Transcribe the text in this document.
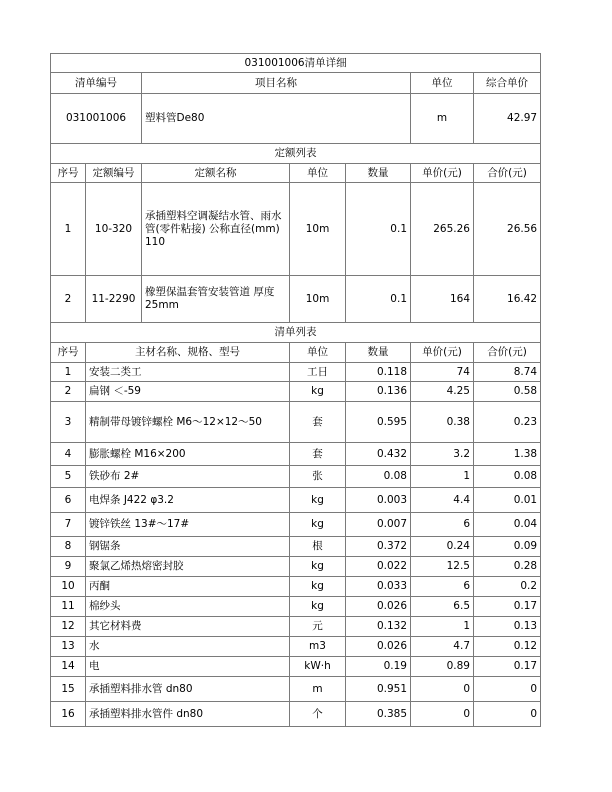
031001006清单详细						
清单编号		项目名称			单位	综合单价
031001006		塑料管De80			m	42.97
定额列表						
序号	定额编号	定额名称	单位	数量	单价(元)	合价(元)
1	10-320	承插塑料空调凝结水管、雨水管(零件粘接) 公称直径(mm) 110	10m	0.1	265.26	26.56
2	11-2290	橡塑保温套管安装管道 厚度25mm	10m	0.1	164	16.42
清单列表						
序号	主材名称、规格、型号		单位	数量	单价(元)	合价(元)
1	安装二类工		工日	0.118	74	8.74
2	扁钢 ＜-59		kg	0.136	4.25	0.58
3	精制带母镀锌螺栓 M6～12×12～50		套	0.595	0.38	0.23
4	膨胀螺栓 M16×200		套	0.432	3.2	1.38
5	铁砂布 2#		张	0.08	1	0.08
6	电焊条 J422 φ3.2		kg	0.003	4.4	0.01
7	镀锌铁丝 13#～17#		kg	0.007	6	0.04
8	钢锯条		根	0.372	0.24	0.09
9	聚氯乙烯热熔密封胶		kg	0.022	12.5	0.28
10	丙酮		kg	0.033	6	0.2
11	棉纱头		kg	0.026	6.5	0.17
12	其它材料费		元	0.132	1	0.13
13	水		m3	0.026	4.7	0.12
14	电		kW·h	0.19	0.89	0.17
15	承插塑料排水管 dn80		m	0.951	0	0
16	承插塑料排水管件 dn80		个	0.385	0	0
